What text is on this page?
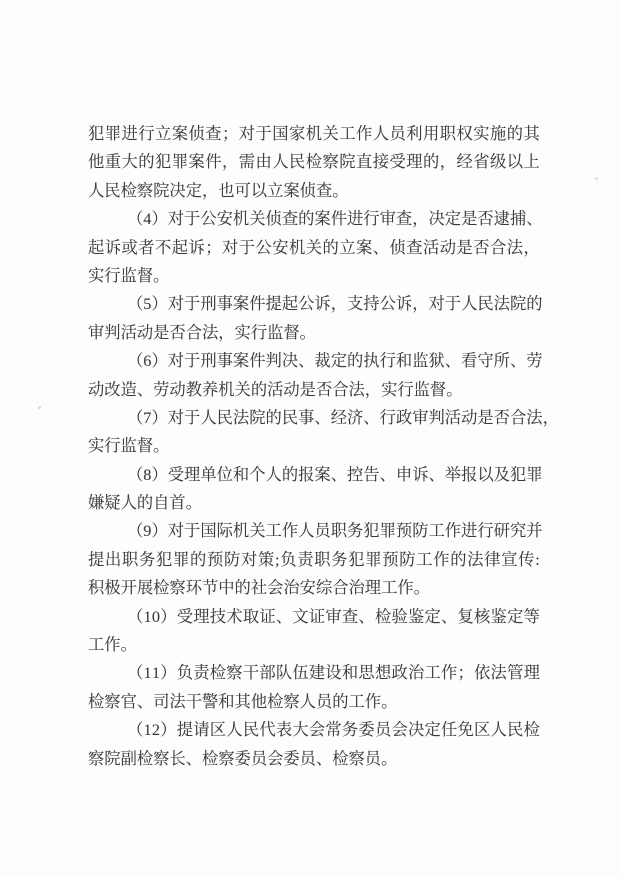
犯 罪 进 行 立 案 侦 查 ； 对 于 国 家 机 关 工 作 人 员 利 用 职 权 实 施 的 其
他 重 大 的 犯 罪 案 件 ， 需 由 人 民 检 察 院 直 接 受 理 的 ， 经 省 级 以 上
人民检察院决定，也可以立案侦查。
（ 4 ） 对 于 公 安 机 关 侦 查 的 案 件 进 行 审 查 ， 决 定 是 否 逮 捕 、
起 诉 或 者 不 起 诉 ； 对 于 公 安 机 关 的 立 案 、 侦 查 活 动 是 否 合 法 ，
实行监督。
（ 5 ） 对 于 刑 事 案 件 提 起 公 诉 ， 支 持 公 诉 ， 对 于 人 民 法 院 的
审判活动是否合法，实行监督。
（ 6 ） 对 于 刑 事 案 件 判 决 、 裁 定 的 执 行 和 监 狱 、 看 守 所 、 劳
动改造、劳动教养机关的活动是否合法，实行监督。
（ 7 ） 对 于 人 民 法 院 的 民 事 、 经 济 、 行 政 审 判 活 动 是 否 合 法 ，
实行监督。
（ 8 ） 受 理 单 位 和 个 人 的 报 案 、 控 告 、 申 诉 、 举 报 以 及 犯 罪
嫌疑人的自首。
（ 9 ） 对 于 国 际 机 关 工 作 人 员 职 务 犯 罪 预 防 工 作 进 行 研 究 并
提 出 职 务 犯 罪 的 预 防 对 策 ; 负 责 职 务 犯 罪 预 防 工 作 的 法 律 宣 传 :
积极开展检察环节中的社会治安综合治理工作。
（ 1 0 ） 受 理 技 术 取 证 、 文 证 审 查 、 检 验 鉴 定 、 复 核 鉴 定 等
工作。
（ 1 1 ） 负 责 检 察 干 部 队 伍 建 设 和 思 想 政 治 工 作 ； 依 法 管 理
检察官、司法干警和其他检察人员的工作。
（ 1 2 ） 提 请 区 人 民 代 表 大 会 常 务 委 员 会 决 定 任 免 区 人 民 检
察院副检察长、检察委员会委员、检察员。
